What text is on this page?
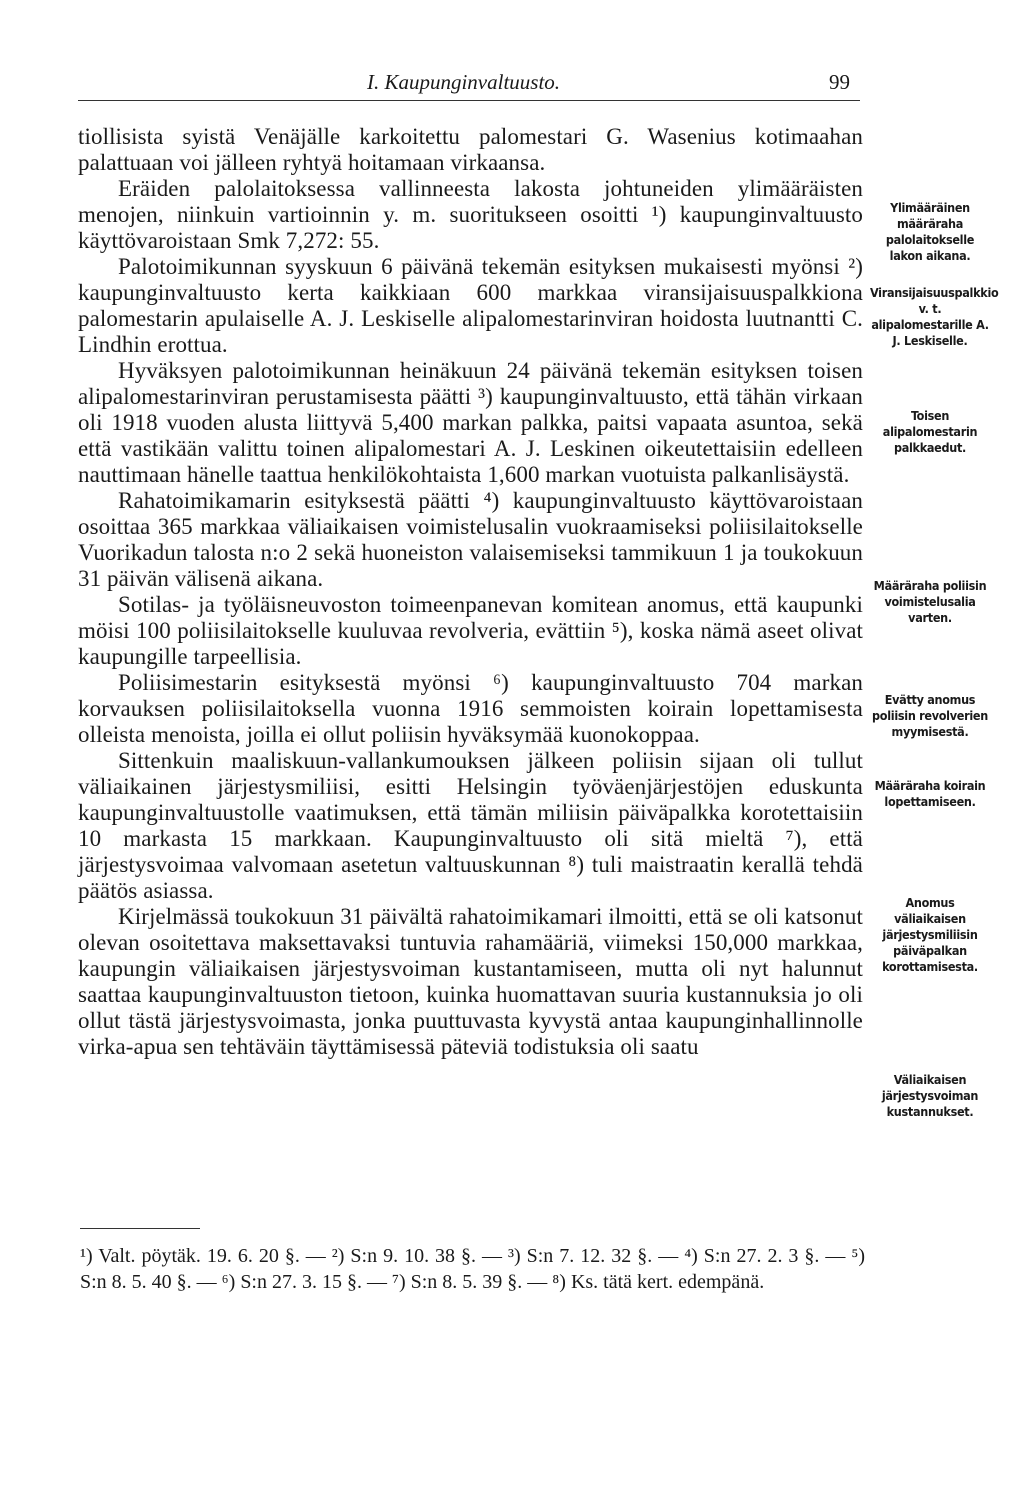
I. Kaupunginvaltuusto.	99

tiollisista syistä Venäjälle karkoitettu palomestari G. Wasenius kotimaahan palattuaan voi jälleen ryhtyä hoitamaan virkaansa.

Eräiden palolaitoksessa vallinneesta lakosta johtuneiden ylimääräisten menojen, niinkuin vartioinnin y. m. suoritukseen osoitti ¹) kaupunginvaltuusto käyttövaroistaan Smk 7,272: 55.

Palotoimikunnan syyskuun 6 päivänä tekemän esityksen mukaisesti myönsi ²) kaupunginvaltuusto kerta kaikkiaan 600 markkaa viransijaisuuspalkkiona palomestarin apulaiselle A. J. Leskiselle alipalomestarinviran hoidosta luutnantti C. Lindhin erottua.

Hyväksyen palotoimikunnan heinäkuun 24 päivänä tekemän esityksen toisen alipalomestarinviran perustamisesta päätti ³) kaupunginvaltuusto, että tähän virkaan oli 1918 vuoden alusta liittyvä 5,400 markan palkka, paitsi vapaata asuntoa, sekä että vastikään valittu toinen alipalomestari A. J. Leskinen oikeutettaisiin edelleen nauttimaan hänelle taattua henkilökohtaista 1,600 markan vuotuista palkanlisäystä.

Rahatoimikamarin esityksestä päätti ⁴) kaupunginvaltuusto käyttövaroistaan osoittaa 365 markkaa väliaikaisen voimistelusalin vuokraamiseksi poliisilaitokselle Vuorikadun talosta n:o 2 sekä huoneiston valaisemiseksi tammikuun 1 ja toukokuun 31 päivän välisenä aikana.

Sotilas- ja työläisneuvoston toimeenpanevan komitean anomus, että kaupunki möisi 100 poliisilaitokselle kuuluvaa revolveria, evättiin ⁵), koska nämä aseet olivat kaupungille tarpeellisia.

Poliisimestarin esityksestä myönsi ⁶) kaupunginvaltuusto 704 markan korvauksen poliisilaitoksella vuonna 1916 semmoisten koirain lopettamisesta olleista menoista, joilla ei ollut poliisin hyväksymää kuonokoppaa.

Sittenkuin maaliskuun-vallankumouksen jälkeen poliisin sijaan oli tullut väliaikainen järjestysmiliisi, esitti Helsingin työväenjärjestöjen eduskunta kaupunginvaltuustolle vaatimuksen, että tämän miliisin päiväpalkka korotettaisiin 10 markasta 15 markkaan. Kaupunginvaltuusto oli sitä mieltä ⁷), että järjestysvoimaa valvomaan asetetun valtuuskunnan ⁸) tuli maistraatin kerallä tehdä päätös asiassa.

Kirjelmässä toukokuun 31 päivältä rahatoimikamari ilmoitti, että se oli katsonut olevan osoitettava maksettavaksi tuntuvia rahamääriä, viimeksi 150,000 markkaa, kaupungin väliaikaisen järjestysvoiman kustantamiseen, mutta oli nyt halunnut saattaa kaupunginvaltuuston tietoon, kuinka huomattavan suuria kustannuksia jo oli ollut tästä järjestysvoimasta, jonka puuttuvasta kyvystä antaa kaupunginhallinnolle virka-apua sen tehtäväin täyttämisessä päteviä todistuksia oli saatu

Ylimääräinen määräraha palolaitokselle lakon aikana.
Viransijaisuuspalkkio v. t. alipalomestarille A. J. Leskiselle.
Toisen alipalomestarin palkkaedut.
Määräraha poliisin voimistelusalia varten.
Evätty anomus poliisin revolverien myymisestä.
Määräraha koirain lopettamiseen.
Anomus väliaikaisen järjestysmiliisin päiväpalkan korottamisesta.
Väliaikaisen järjestysvoiman kustannukset.
¹) Valt. pöytäk. 19. 6. 20 §. — ²) S:n 9. 10. 38 §. — ³) S:n 7. 12. 32 §. — ⁴) S:n 27. 2. 3 §. — ⁵) S:n 8. 5. 40 §. — ⁶) S:n 27. 3. 15 §. — ⁷) S:n 8. 5. 39 §. — ⁸) Ks. tätä kert. edempänä.
